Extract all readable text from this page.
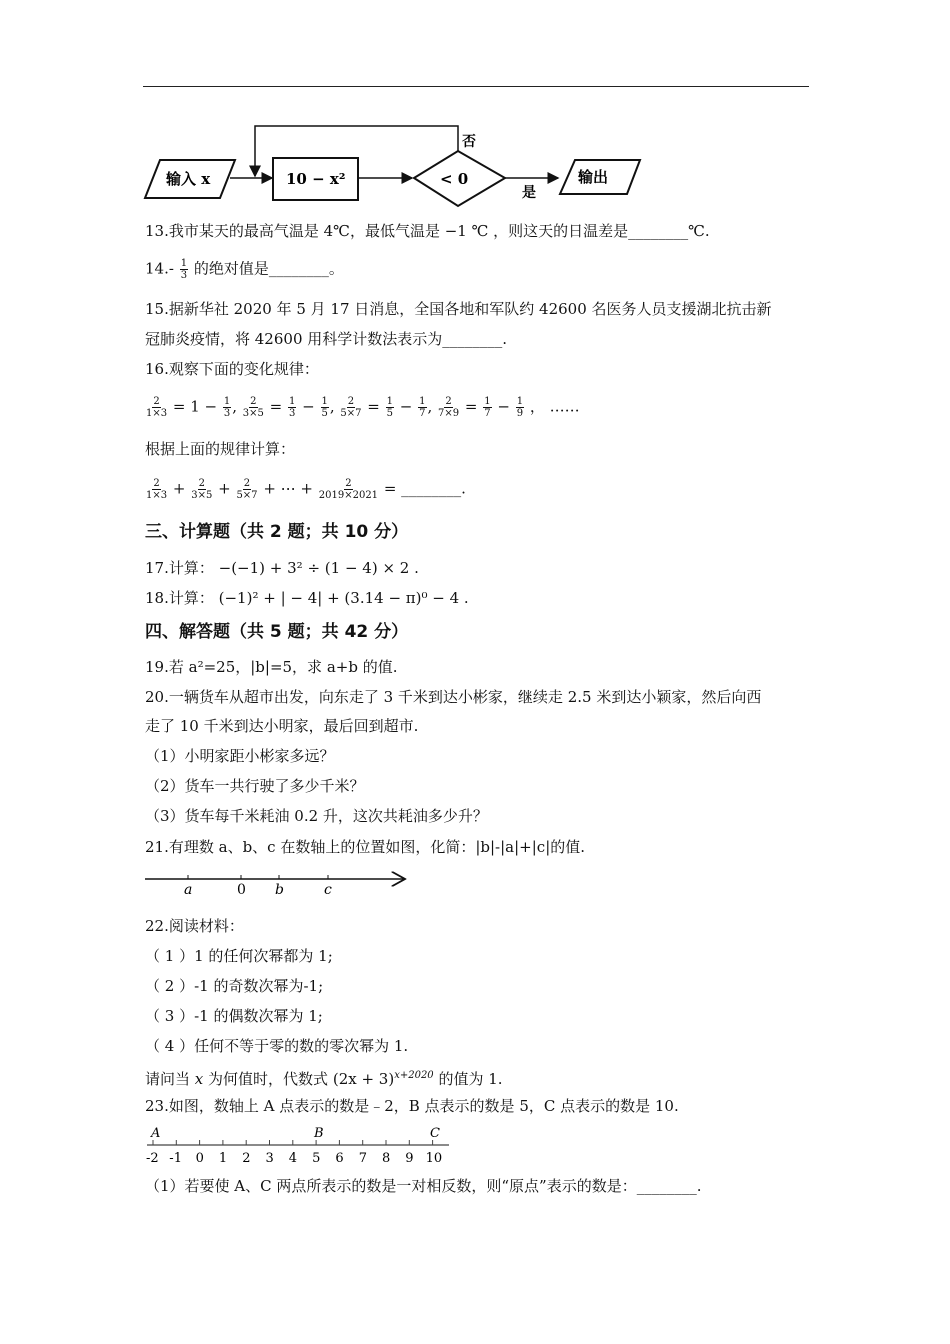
输入 x	10 − x²	< 0
否
是
输出
13.我市某天的最高气温是 4℃，最低气温是 −1 ℃ ，则这天的日温差是________℃.
$14.- \frac{1}{3}$ 的绝对值是________。
15.据新华社 2020 年 5 月 17 日消息，全国各地和军队约 42600 名医务人员支援湖北抗击新
冠肺炎疫情，将 42600 用科学计数法表示为________.
16.观察下面的变化规律：
$\frac{2}{1\times 3} = 1 - \frac{1}{3}$ , $\frac{2}{3\times 5} = \frac{1}{3} - \frac{1}{5}$ , $\frac{2}{5\times 7} = \frac{1}{5} - \frac{1}{7}$ , $\frac{2}{7\times 9} = \frac{1}{7} - \frac{1}{9}$ ， ……
根据上面的规律计算：
$\frac{2}{1\times 3} + \frac{2}{3\times 5} + \frac{2}{5\times 7}$ + ⋯ + $\frac{2}{2019\times 2021}$ = ________.
三、计算题（共 2 题；共 10 分）
17.计算： −(−1) + 3² ÷ (1 − 4) × 2 .
18.计算： (−1)² + | − 4| + (3.14 − π)⁰ − 4 .
四、解答题（共 5 题；共 42 分）
19.若 a²=25，|b|=5，求 a+b 的值.
20.一辆货车从超市出发，向东走了 3 千米到达小彬家，继续走 2.5 米到达小颖家，然后向西
走了 10 千米到达小明家，最后回到超市.
（1）小明家距小彬家多远？
（2）货车一共行驶了多少千米？
（3）货车每千米耗油 0.2 升，这次共耗油多少升？
21.有理数 a、b、c 在数轴上的位置如图，化简：|b|-|a|+|c|的值.
a	0 b	c
22.阅读材料：
（ 1 ）1 的任何次幂都为 1;
（ 2 ）-1 的奇数次幂为-1;
（ 3 ）-1 的偶数次幂为 1;
（ 4 ）任何不等于零的数的零次幂为 1.
请问当 x 为何值时，代数式 $(2x + 3)^{x+2020}$ 的值为 1.
23.如图，数轴上 A 点表示的数是﹣2，B 点表示的数是 5，C 点表示的数是 10.
-2 -1 0 1 2 3 4 5 6 7 8 9 10
A	B	C
（1）若要使 A、C 两点所表示的数是一对相反数，则“原点”表示的数是：________.
